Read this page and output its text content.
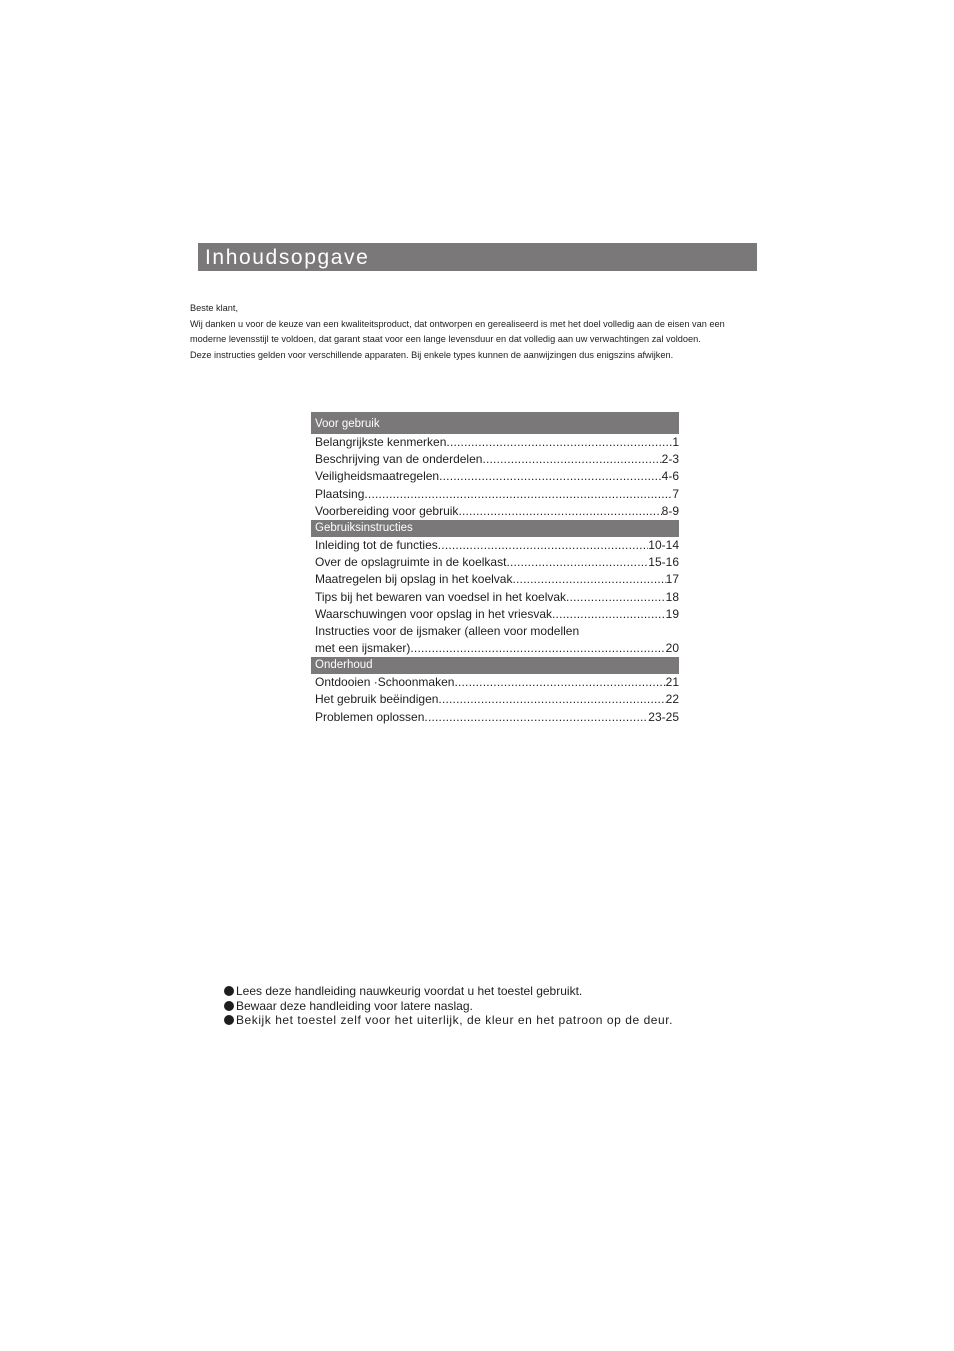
Inhoudsopgave

Beste klant,

Wij danken u voor de keuze van een kwaliteitsproduct, dat ontworpen en gerealiseerd is met het doel volledig aan de eisen van een

moderne levensstijl te voldoen, dat garant staat voor een lange levensduur en dat volledig aan uw verwachtingen zal voldoen.

Deze instructies gelden voor verschillende apparaten. Bij enkele types kunnen de aanwijzingen dus enigszins afwijken.

Voor gebruik
Belangrijkste kenmerken .....	1
Beschrijving van de onderdelen .....	2-3
Veiligheidsmaatregelen .....	4-6
Plaatsing .....	7
Voorbereiding voor gebruik .....	8-9
Gebruiksinstructies
Inleiding tot de functies .....	10-14
Over de opslagruimte in de koelkast .....	15-16
Maatregelen bij opslag in het koelvak .....	17
Tips bij het bewaren van voedsel in het koelvak .....	18
Waarschuwingen voor opslag in het vriesvak .....	19
Instructies voor de ijsmaker (alleen voor modellen
met een ijsmaker) .....	20
Onderhoud
Ontdooien ·Schoonmaken .....	21
Het gebruik beëindigen .....	22
Problemen oplossen .....	23-25
Lees deze handleiding nauwkeurig voordat u het toestel gebruikt.
Bewaar deze handleiding voor latere naslag.
Bekijk het toestel zelf voor het uiterlijk, de kleur en het patroon op de deur.
